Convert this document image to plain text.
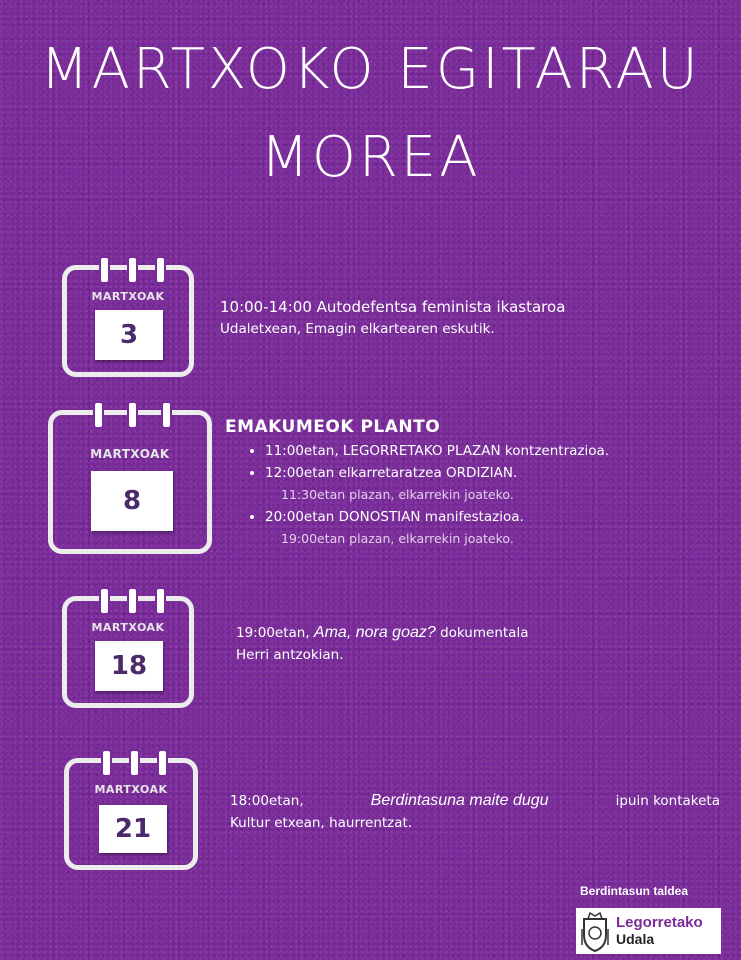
MARTXOKO EGITARAU
MOREA
MARTXOAK
3
10:00-14:00 Autodefentsa feminista ikastaroa
Udaletxean, Emagin elkartearen eskutik.
MARTXOAK
8
EMAKUMEOK PLANTO
• 11:00etan, LEGORRETAKO PLAZAN kontzentrazioa.
• 12:00etan elkarretaratzea ORDIZIAN.
11:30etan plazan, elkarrekin joateko.
• 20:00etan DONOSTIAN manifestazioa.
19:00etan plazan, elkarrekin joateko.
MARTXOAK
18
19:00etan, Ama, nora goaz? dokumentala
Herri antzokian.
MARTXOAK
21
18:00etan,	Berdintasuna maite dugu	ipuin kontaketa
Kultur etxean, haurrentzat.
Berdintasun taldea
Legorretako
Udala
